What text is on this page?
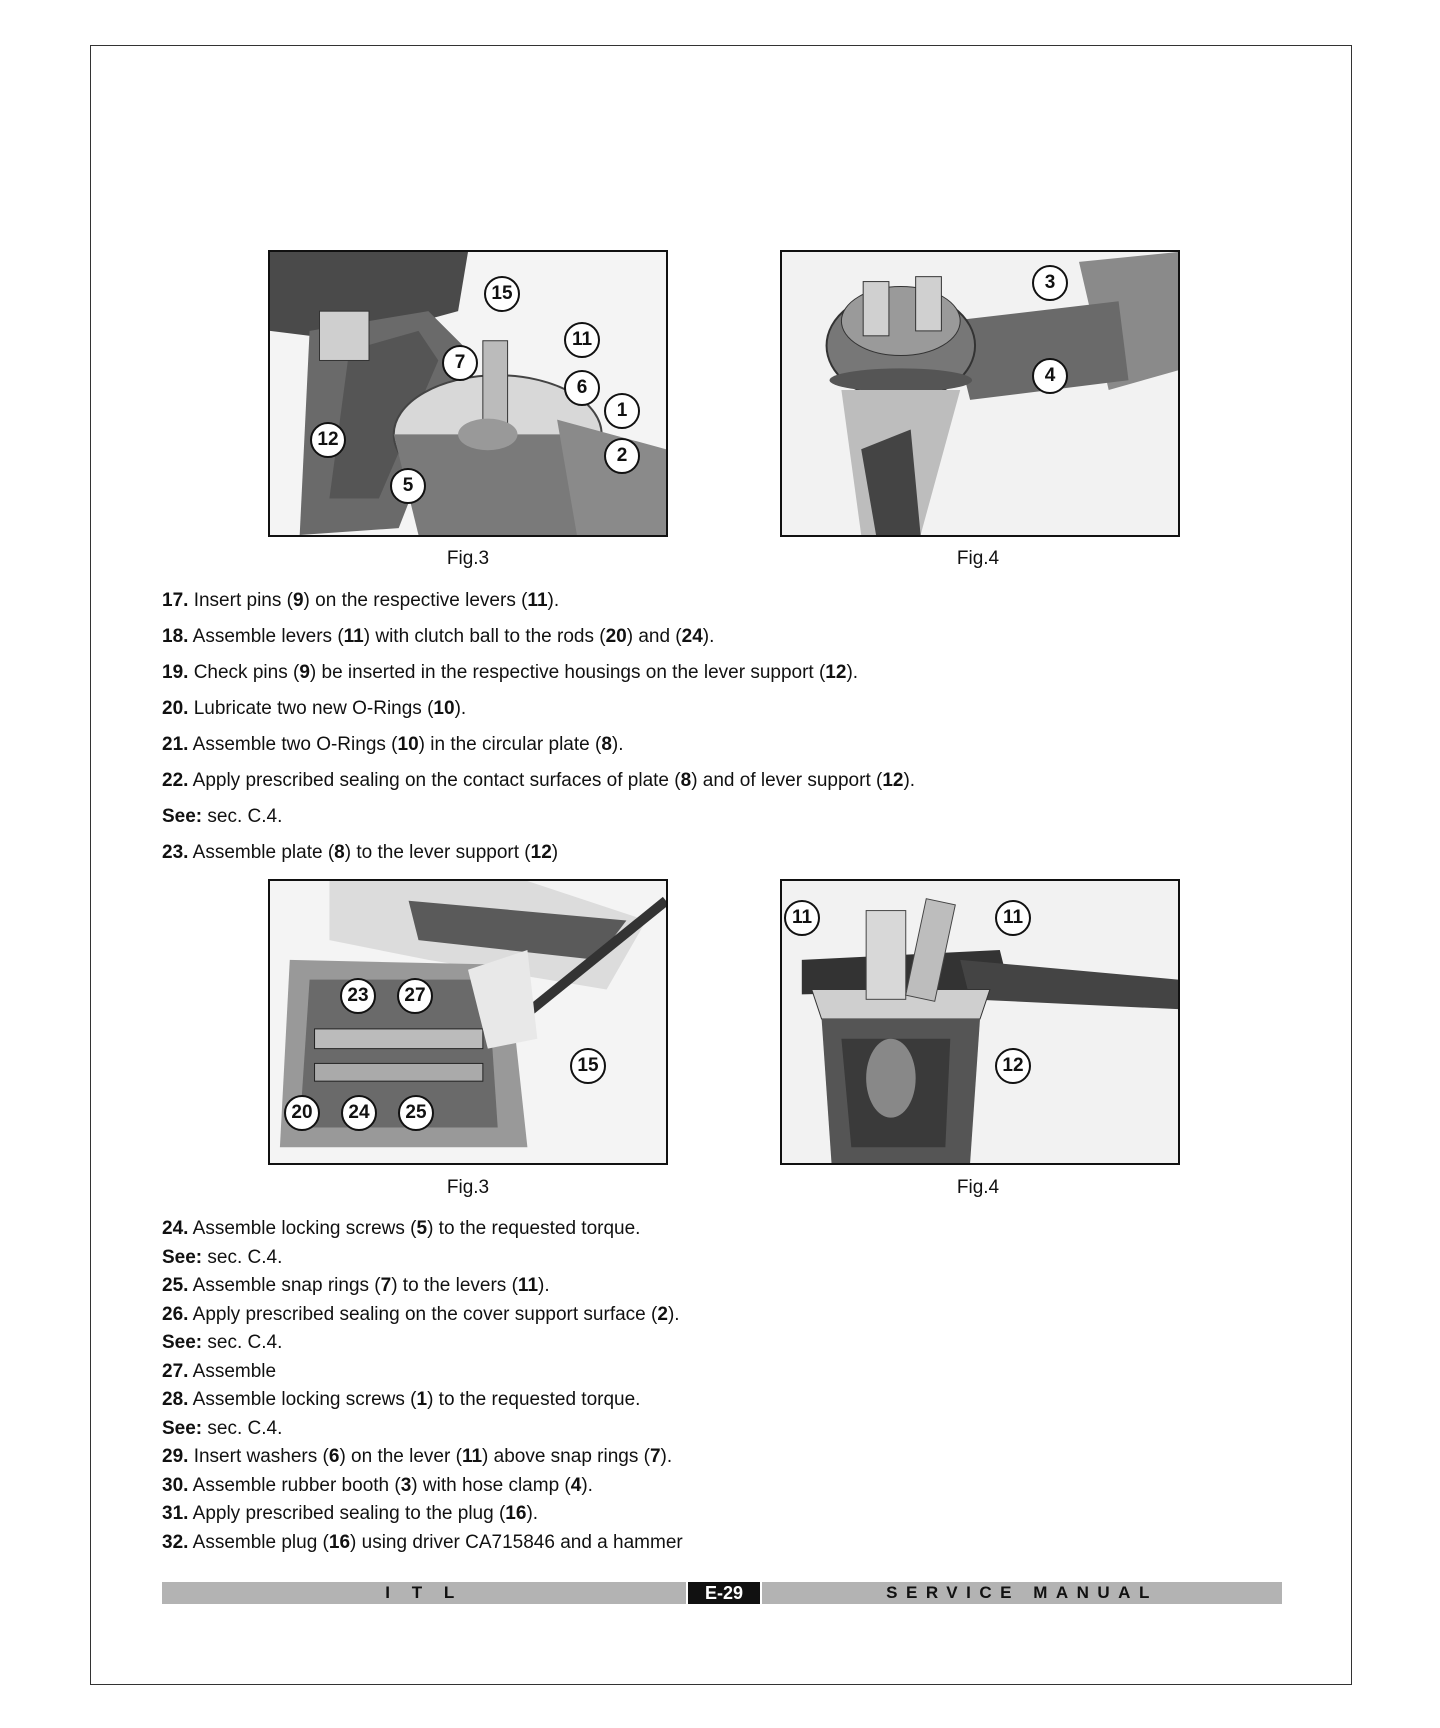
15
11
7
6
1
2
12
5
3
4
Fig.3	Fig.4
17. Insert pins (9) on the respective levers (11).
18. Assemble levers (11) with clutch ball to the rods (20) and (24).
19. Check pins (9) be inserted in the respective housings on the lever support (12).
20. Lubricate two new O-Rings (10).
21. Assemble two O-Rings (10) in the circular plate (8).
22. Apply prescribed sealing on the contact surfaces of plate (8) and of lever support (12).
See: sec. C.4.
23. Assemble plate (8) to the lever support (12)
23	27
15
20	24	25
11	11
12
Fig.3	Fig.4
24. Assemble locking screws (5) to the requested torque.
See: sec. C.4.
25. Assemble snap rings (7) to the levers (11).
26. Apply prescribed sealing on the cover support surface (2).
See: sec. C.4.
27. Assemble
28. Assemble locking screws (1) to the requested torque.
See: sec. C.4.
29. Insert washers (6) on the lever (11) above snap rings (7).
30. Assemble rubber booth (3) with hose clamp (4).
31. Apply prescribed sealing to the plug (16).
32. Assemble plug (16) using driver CA715846 and a hammer
I T L	E-29	SERVICE MANUAL
